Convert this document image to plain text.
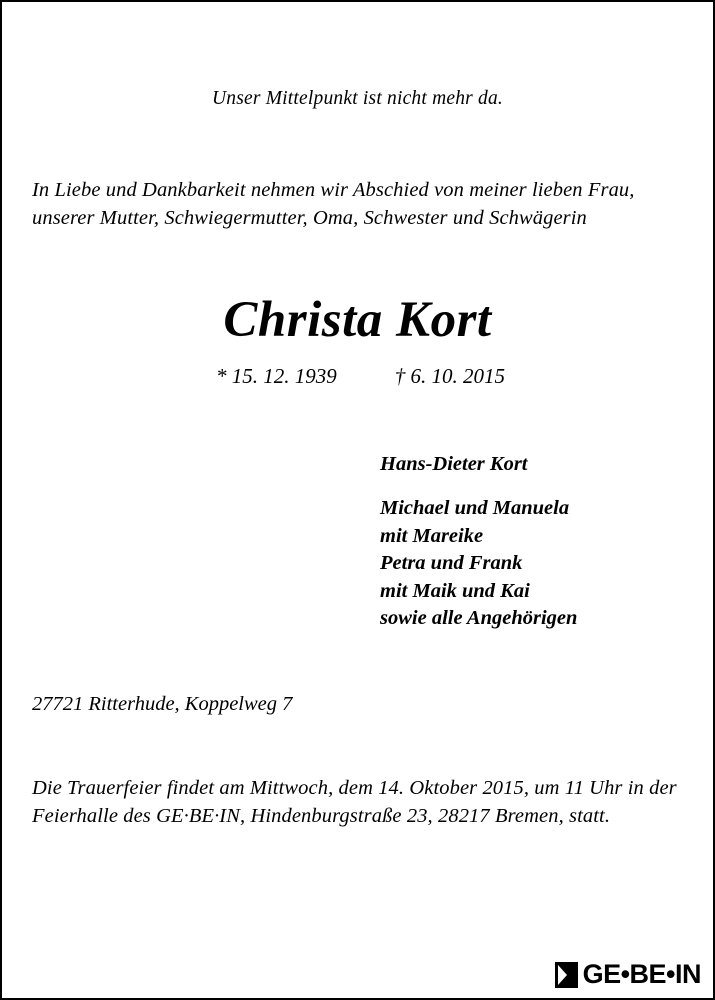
Unser Mittelpunkt ist nicht mehr da.
In Liebe und Dankbarkeit nehmen wir Abschied von meiner lieben Frau, unserer Mutter, Schwiegermutter, Oma, Schwester und Schwägerin
Christa Kort
* 15. 12. 1939	† 6. 10. 2015
Hans-Dieter Kort
Michael und Manuela
mit Mareike
Petra und Frank
mit Maik und Kai
sowie alle Angehörigen
27721 Ritterhude, Koppelweg 7
Die Trauerfeier findet am Mittwoch, dem 14. Oktober 2015, um 11 Uhr in der Feierhalle des GE·BE·IN, Hindenburgstraße 23, 28217 Bremen, statt.
GE•BE•IN
